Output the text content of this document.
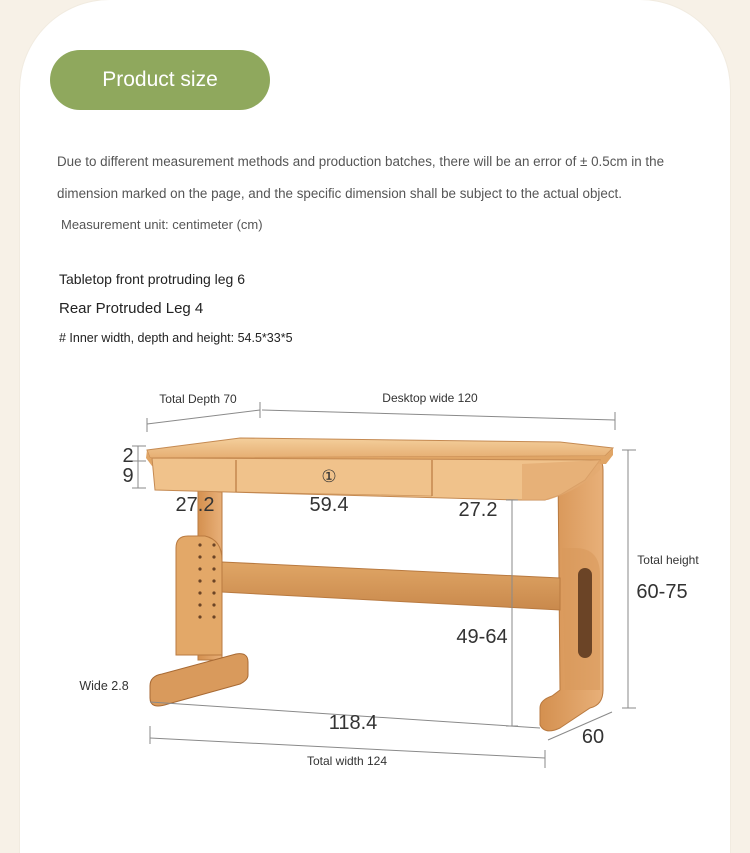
Product size
Due to different measurement methods and production batches, there will be an error of ± 0.5cm in the
dimension marked on the page, and the specific dimension shall be subject to the actual object.
Measurement unit: centimeter (cm)
Tabletop front protruding leg 6
Rear Protruded Leg 4
# Inner width, depth and height: 54.5*33*5
Total Depth 70	Desktop wide 120
2
9	①
27.2	59.4	27.2
Total height
60-75
49-64
Wide 2.8
118.4
60
Total width 124
